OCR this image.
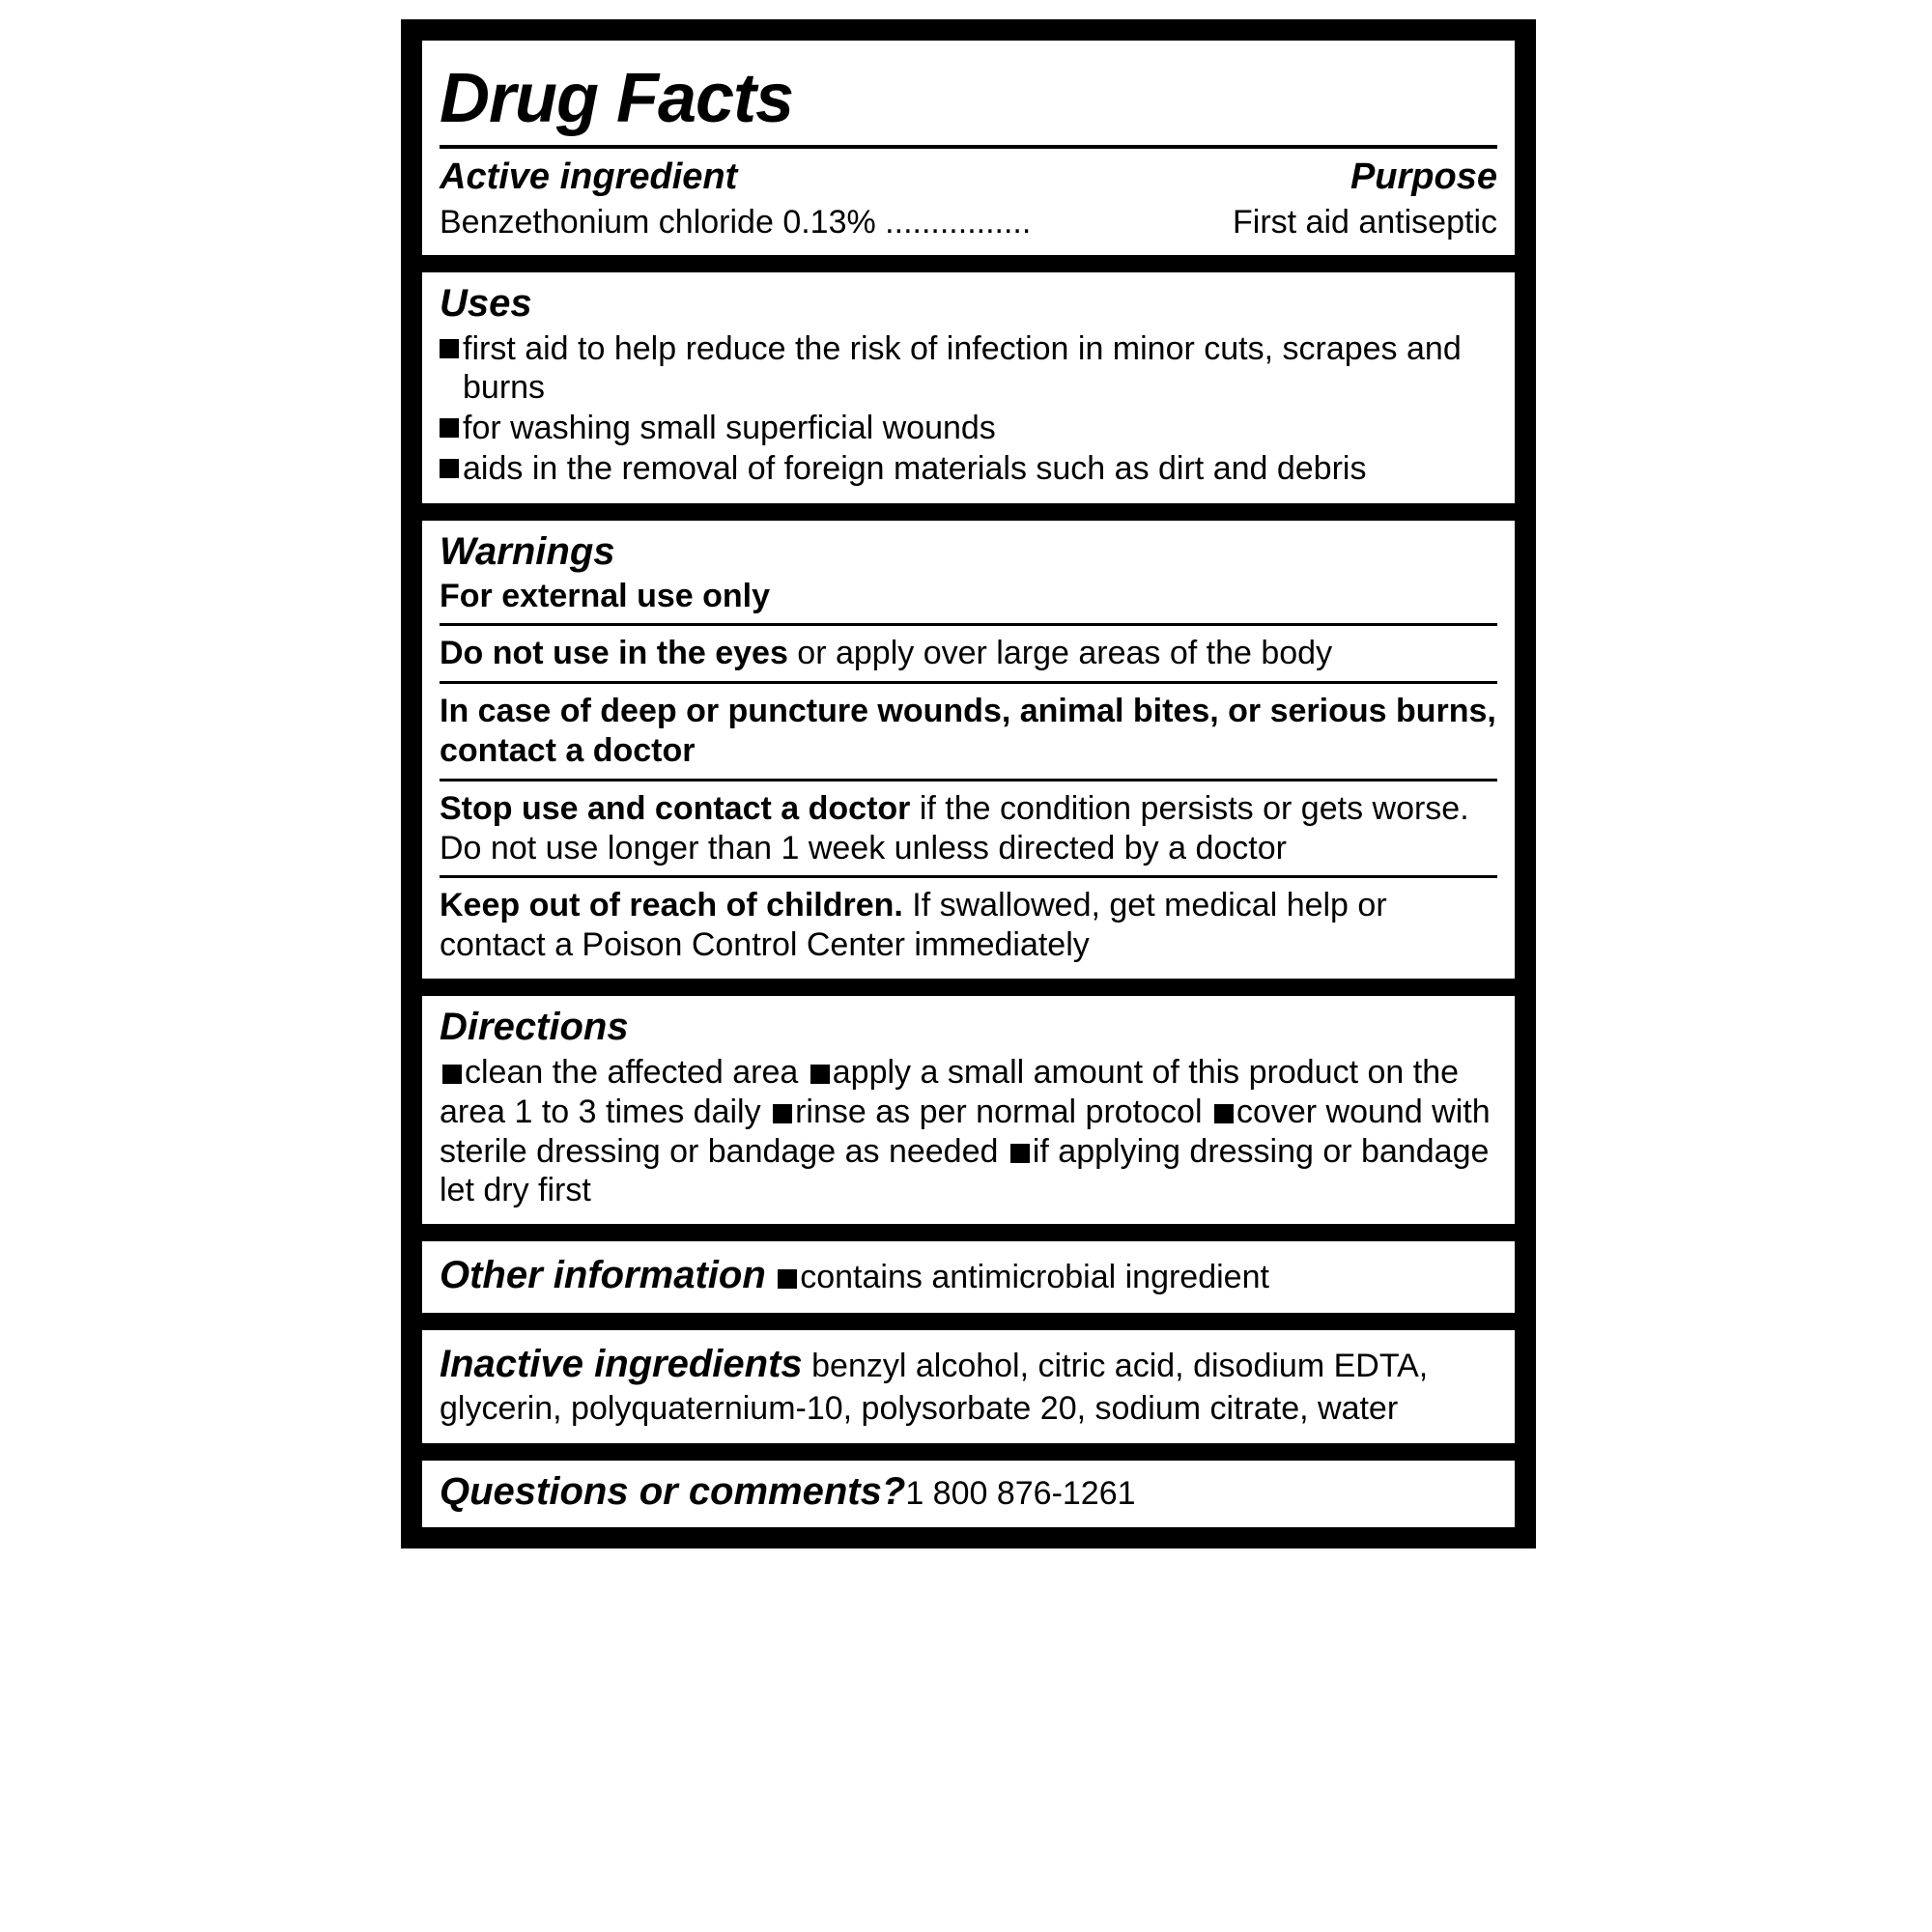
Drug Facts
Active ingredient	Purpose
Benzethonium chloride 0.13% ................	First aid antiseptic
Uses
first aid to help reduce the risk of infection in minor cuts, scrapes and burns
for washing small superficial wounds
aids in the removal of foreign materials such as dirt and debris
Warnings
For external use only
Do not use in the eyes or apply over large areas of the body
In case of deep or puncture wounds, animal bites, or serious burns, contact a doctor
Stop use and contact a doctor if the condition persists or gets worse. Do not use longer than 1 week unless directed by a doctor
Keep out of reach of children. If swallowed, get medical help or contact a Poison Control Center immediately
Directions
clean the affected area apply a small amount of this product on the area 1 to 3 times daily rinse as per normal protocol cover wound with sterile dressing or bandage as needed if applying dressing or bandage let dry first
Other information contains antimicrobial ingredient
Inactive ingredients benzyl alcohol, citric acid, disodium EDTA, glycerin, polyquaternium-10, polysorbate 20, sodium citrate, water
Questions or comments?1 800 876-1261
